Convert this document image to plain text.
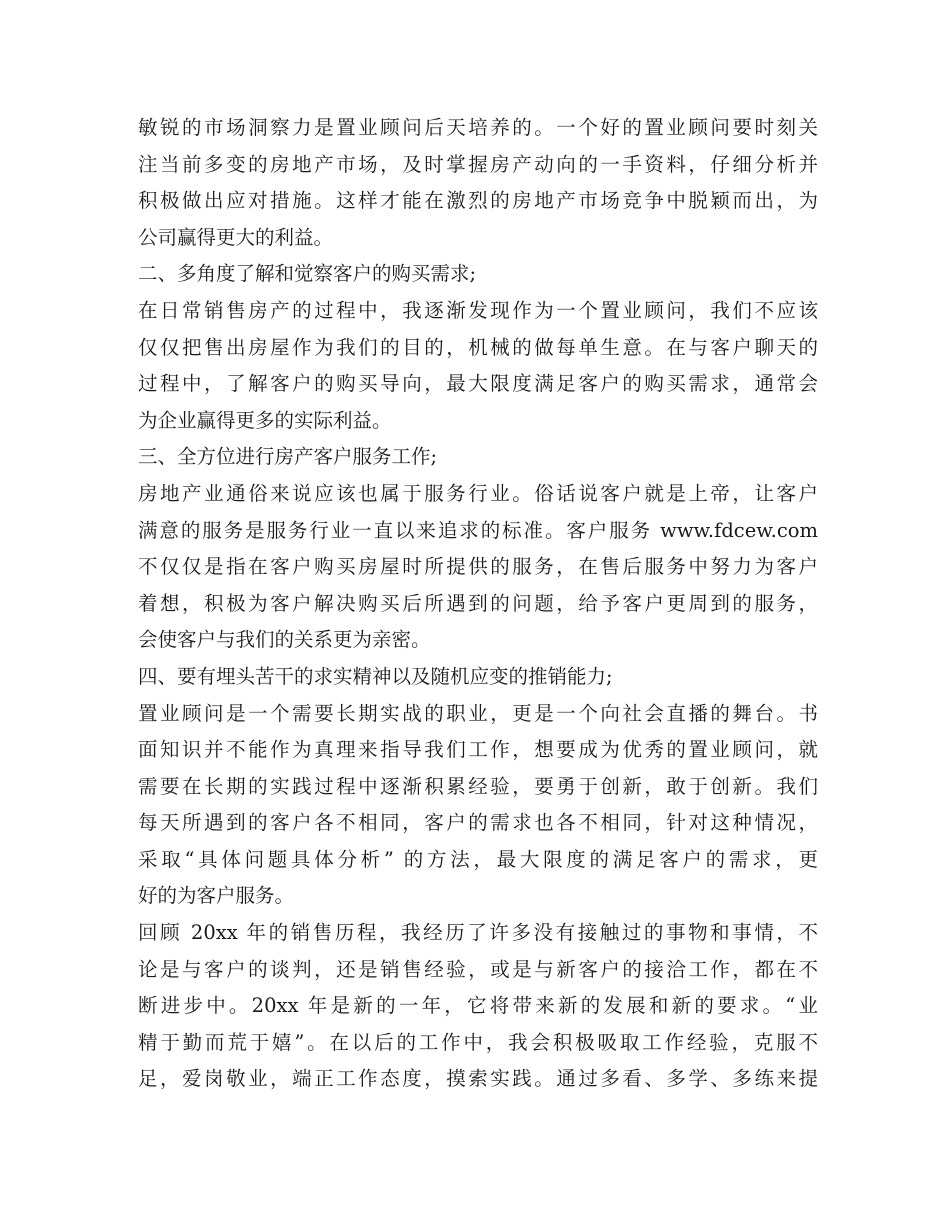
敏锐的市场洞察力是置业顾问后天培养的。一个好的置业顾问要时刻关
注当前多变的房地产市场，及时掌握房产动向的一手资料，仔细分析并
积极做出应对措施。这样才能在激烈的房地产市场竞争中脱颖而出，为
公司赢得更大的利益。
二、多角度了解和觉察客户的购买需求;
在日常销售房产的过程中，我逐渐发现作为一个置业顾问，我们不应该
仅仅把售出房屋作为我们的目的，机械的做每单生意。在与客户聊天的
过程中，了解客户的购买导向，最大限度满足客户的购买需求，通常会
为企业赢得更多的实际利益。
三、全方位进行房产客户服务工作;
房地产业通俗来说应该也属于服务行业。俗话说客户就是上帝，让客户
满意的服务是服务行业一直以来追求的标准。客户服务 www.fdcew.com
不仅仅是指在客户购买房屋时所提供的服务，在售后服务中努力为客户
着想，积极为客户解决购买后所遇到的问题，给予客户更周到的服务，
会使客户与我们的关系更为亲密。
四、要有埋头苦干的求实精神以及随机应变的推销能力;
置业顾问是一个需要长期实战的职业，更是一个向社会直播的舞台。书
面知识并不能作为真理来指导我们工作，想要成为优秀的置业顾问，就
需要在长期的实践过程中逐渐积累经验，要勇于创新，敢于创新。我们
每天所遇到的客户各不相同，客户的需求也各不相同，针对这种情况，
采取“具体问题具体分析” 的方法，最大限度的满足客户的需求，更
好的为客户服务。
回顾 20xx 年的销售历程，我经历了许多没有接触过的事物和事情，不
论是与客户的谈判，还是销售经验，或是与新客户的接洽工作，都在不
断进步中。20xx 年是新的一年，它将带来新的发展和新的要求。“业
精于勤而荒于嬉”。在以后的工作中，我会积极吸取工作经验，克服不
足，爱岗敬业，端正工作态度，摸索实践。通过多看、多学、多练来提
